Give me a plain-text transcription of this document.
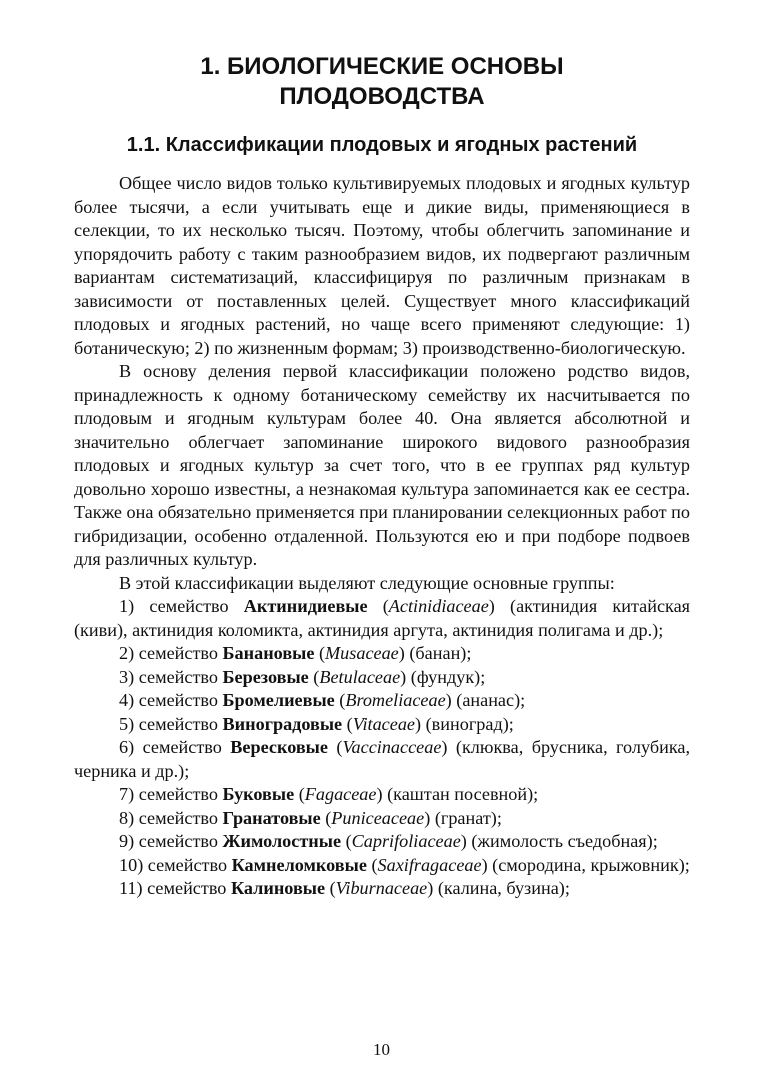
1. БИОЛОГИЧЕСКИЕ ОСНОВЫ
ПЛОДОВОДСТВА
1.1. Классификации плодовых и ягодных растений

Общее число видов только культивируемых плодовых и ягодных культур более тысячи, а если учитывать еще и дикие виды, применяющиеся в селекции, то их несколько тысяч. Поэтому, чтобы облегчить запоминание и упорядочить работу с таким разнообразием видов, их подвергают различным вариантам систематизаций, классифицируя по различным признакам в зависимости от поставленных целей. Существует много классификаций плодовых и ягодных растений, но чаще всего применяют следующие: 1) ботаническую; 2) по жизненным формам; 3) производственно-биологическую.

В основу деления первой классификации положено родство видов, принадлежность к одному ботаническому семейству их насчитывается по плодовым и ягодным культурам более 40. Она является абсолютной и значительно облегчает запоминание широкого видового разнообразия плодовых и ягодных культур за счет того, что в ее группах ряд культур довольно хорошо известны, а незнакомая культура запоминается как ее сестра. Также она обязательно применяется при планировании селекционных работ по гибридизации, особенно отдаленной. Пользуются ею и при подборе подвоев для различных культур.

В этой классификации выделяют следующие основные группы:

1) семейство Актинидиевые (Actinidiaceae) (актинидия китайская (киви), актинидия коломикта, актинидия аргута, актинидия полигама и др.);
2) семейство Банановые (Musaceae) (банан);
3) семейство Березовые (Betulaceae) (фундук);
4) семейство Бромелиевые (Bromeliaceae) (ананас);
5) семейство Виноградовые (Vitaceae) (виноград);
6) семейство Вересковые (Vaccinacceae) (клюква, брусника, голубика, черника и др.);
7) семейство Буковые (Fagaceae) (каштан посевной);
8) семейство Гранатовые (Puniceaceae) (гранат);
9) семейство Жимолостные (Caprifoliaceae) (жимолость съедобная);
10) семейство Камнеломковые (Saxifragaceae) (смородина, крыжовник);
11) семейство Калиновые (Viburnaceae) (калина, бузина);
10
